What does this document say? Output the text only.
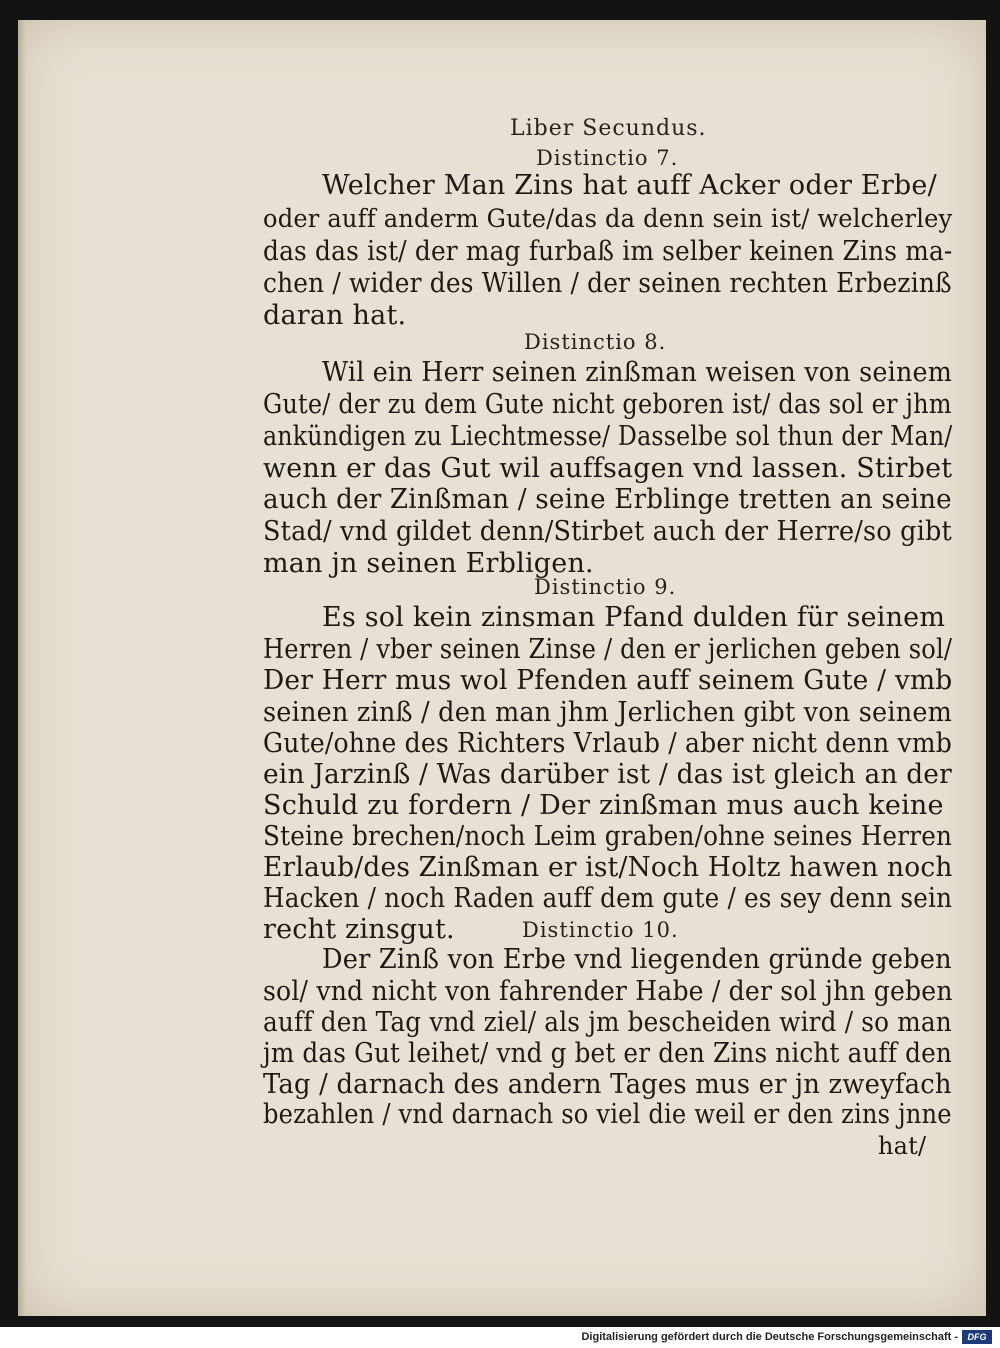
Liber Secundus.
Distinctio 7.
Welcher Man Zins hat auff Acker oder Erbe/
oder auff anderm Gute/das da denn sein ist/ welcherley
das das ist/ der mag furbaß im selber keinen Zins ma-
chen / wider des Willen / der seinen rechten Erbezinß
daran hat.
Distinctio 8.
Wil ein Herr seinen zinßman weisen von seinem
Gute/ der zu dem Gute nicht geboren ist/ das sol er jhm
ankündigen zu Liechtmesse/ Dasselbe sol thun der Man/
wenn er das Gut wil auffsagen vnd lassen. Stirbet
auch der Zinßman / seine Erblinge tretten an seine
Stad/ vnd gildet denn/Stirbet auch der Herre/so gibt
man jn seinen Erbligen.
Distinctio 9.
Es sol kein zinsman Pfand dulden für seinem
Herren / vber seinen Zinse / den er jerlichen geben sol/
Der Herr mus wol Pfenden auff seinem Gute / vmb
seinen zinß / den man jhm Jerlichen gibt von seinem
Gute/ohne des Richters Vrlaub / aber nicht denn vmb
ein Jarzinß / Was darüber ist / das ist gleich an der
Schuld zu fordern / Der zinßman mus auch keine
Steine brechen/noch Leim graben/ohne seines Herren
Erlaub/des Zinßman er ist/Noch Holtz hawen noch
Hacken / noch Raden auff dem gute / es sey denn sein
recht zinsgut.	Distinctio 10.
Der Zinß von Erbe vnd liegenden gründe geben
sol/ vnd nicht von fahrender Habe / der sol jhn geben
auff den Tag vnd ziel/ als jm bescheiden wird / so man
jm das Gut leihet/ vnd g bet er den Zins nicht auff den
Tag / darnach des andern Tages mus er jn zweyfach
bezahlen / vnd darnach so viel die weil er den zins jnne
hat/
Digitalisierung gefördert durch die Deutsche Forschungsgemeinschaft -	DFG
